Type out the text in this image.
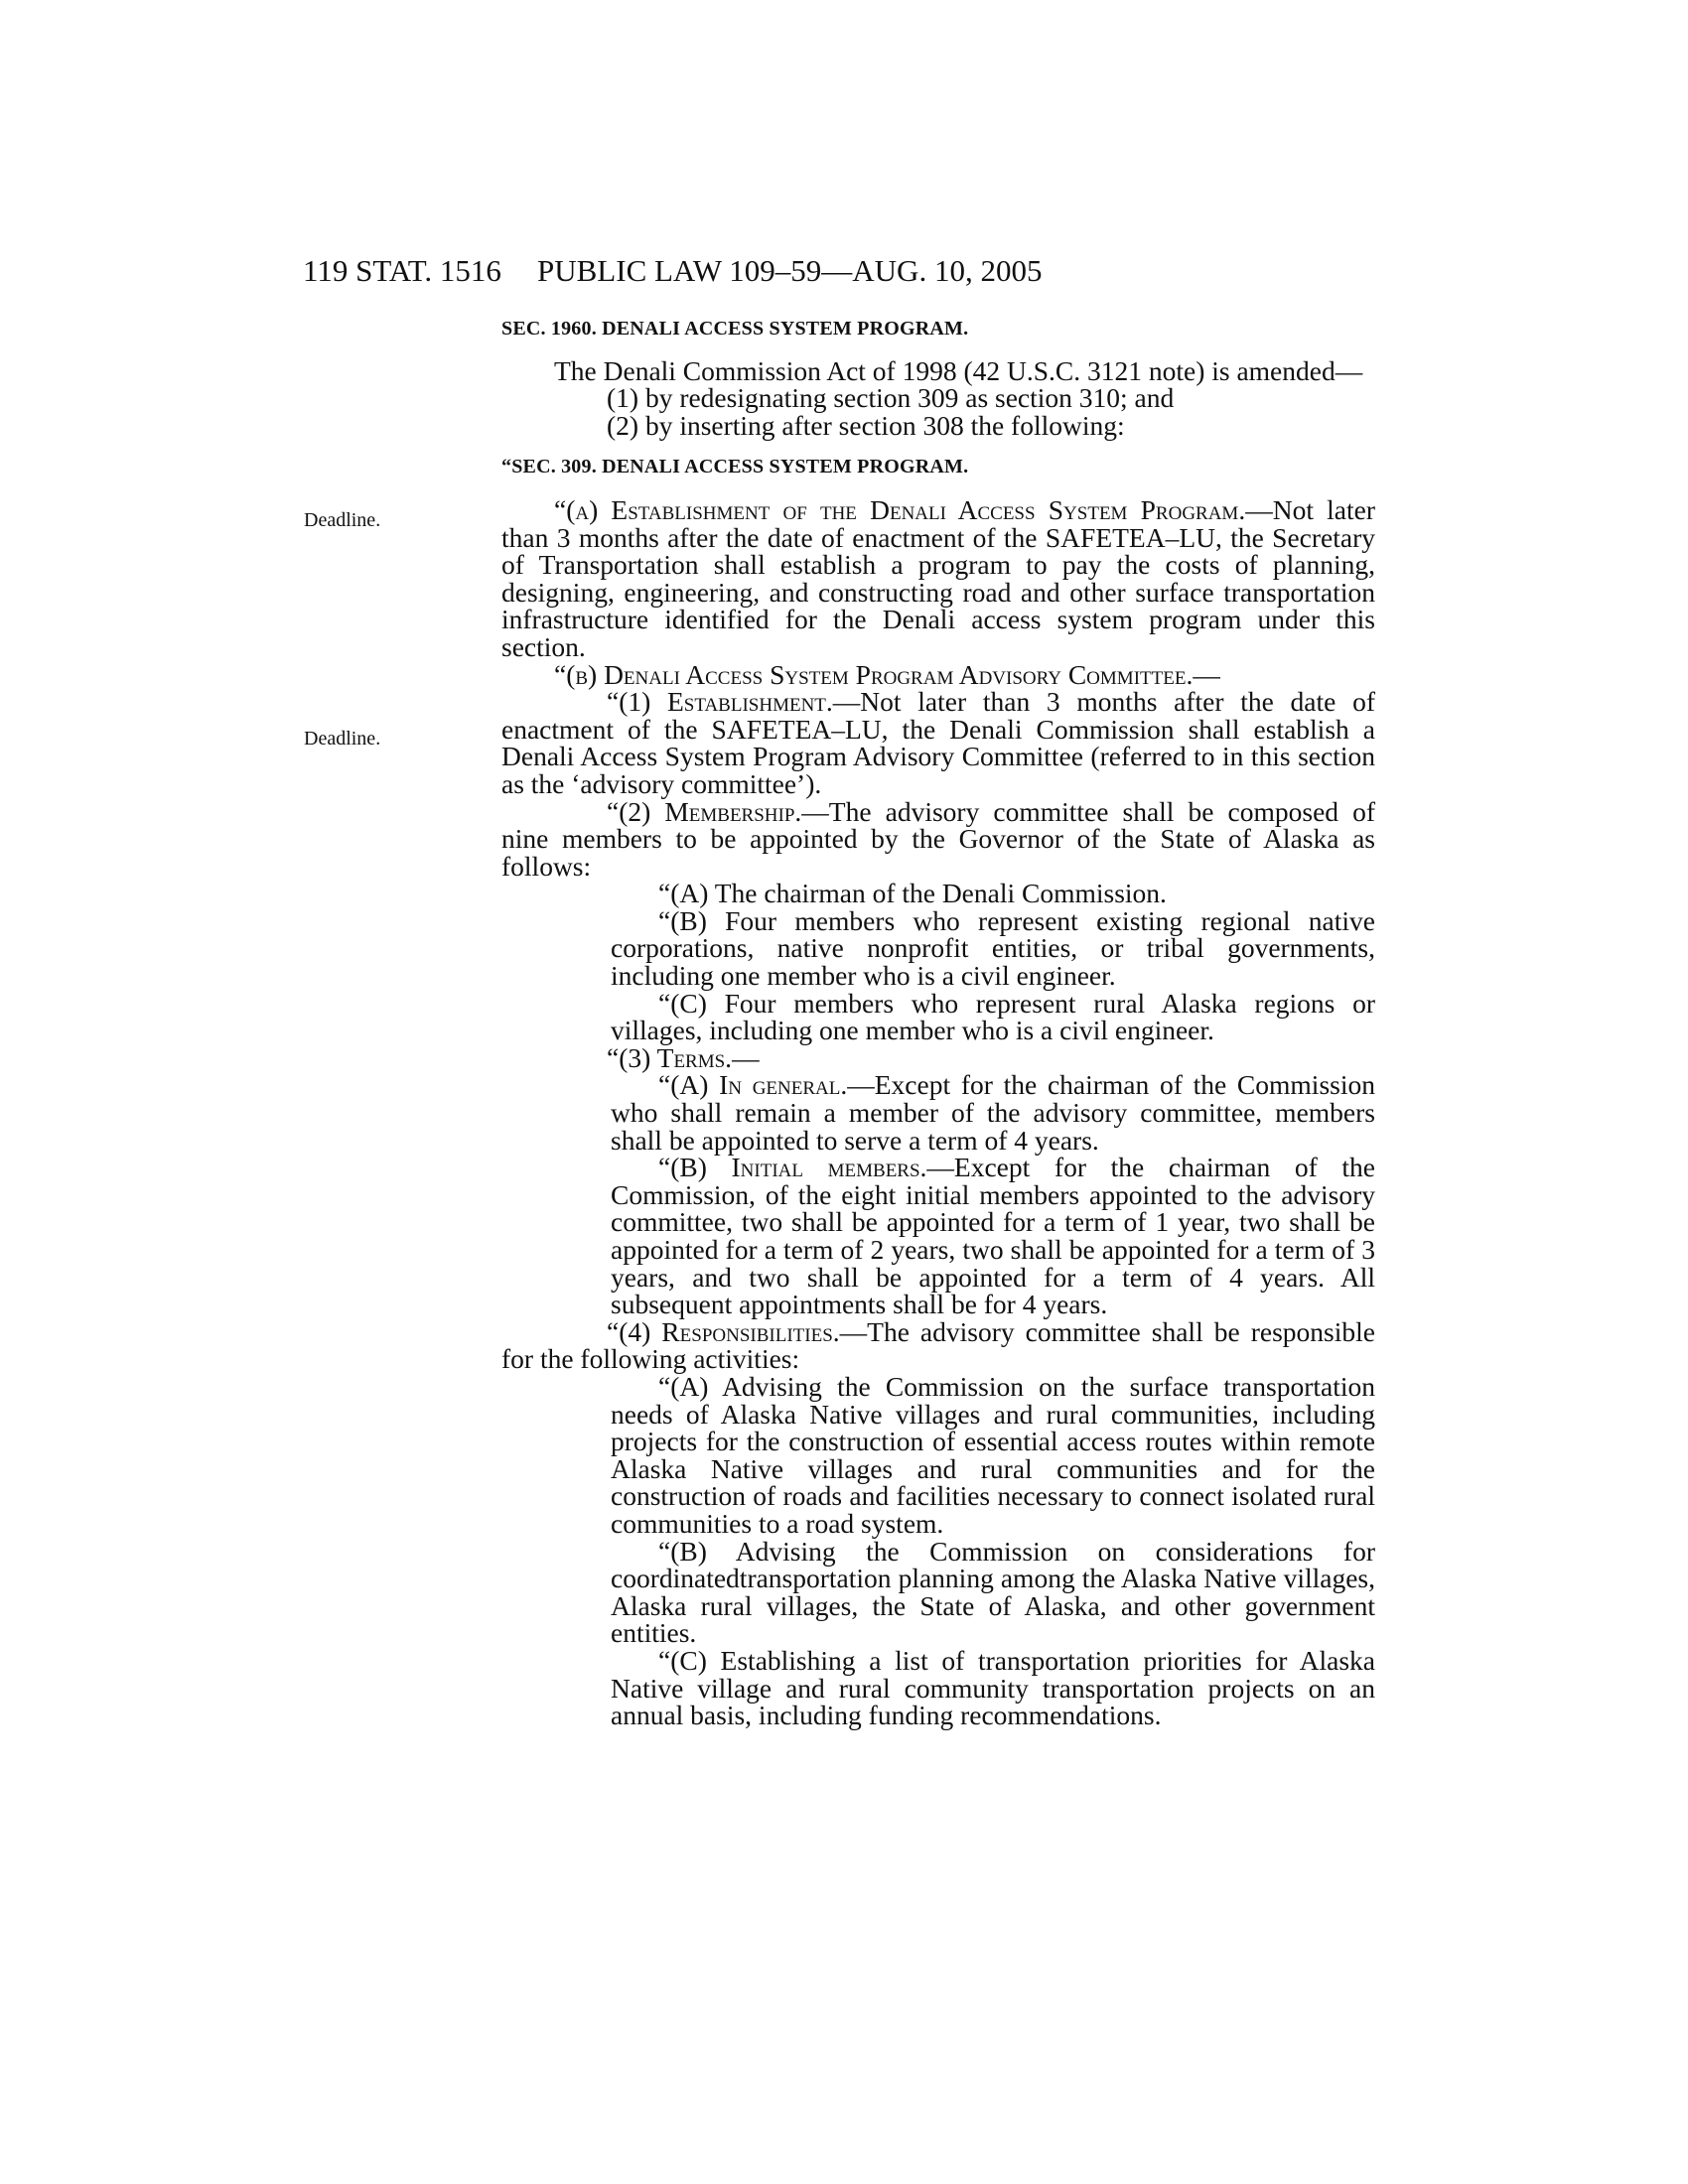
119 STAT. 1516 PUBLIC LAW 109–59—AUG. 10, 2005
Deadline.
Deadline.
SEC. 1960. DENALI ACCESS SYSTEM PROGRAM.

The Denali Commission Act of 1998 (42 U.S.C. 3121 note) is amended—

(1) by redesignating section 309 as section 310; and

(2) by inserting after section 308 the following:

“SEC. 309. DENALI ACCESS SYSTEM PROGRAM.

“(a) Establishment of the Denali Access System Program.—Not later than 3 months after the date of enactment of the SAFETEA–LU, the Secretary of Transportation shall establish a program to pay the costs of planning, designing, engineering, and constructing road and other surface transportation infrastructure identified for the Denali access system program under this section.

“(b) Denali Access System Program Advisory Committee.—

“(1) Establishment.—Not later than 3 months after the date of enactment of the SAFETEA–LU, the Denali Commission shall establish a Denali Access System Program Advisory Committee (referred to in this section as the ‘advisory committee’).

“(2) Membership.—The advisory committee shall be composed of nine members to be appointed by the Governor of the State of Alaska as follows:

“(A) The chairman of the Denali Commission.

“(B) Four members who represent existing regional native corporations, native nonprofit entities, or tribal governments, including one member who is a civil engineer.

“(C) Four members who represent rural Alaska regions or villages, including one member who is a civil engineer.

“(3) Terms.—

“(A) In general.—Except for the chairman of the Commission who shall remain a member of the advisory committee, members shall be appointed to serve a term of 4 years.

“(B) Initial members.—Except for the chairman of the Commission, of the eight initial members appointed to the advisory committee, two shall be appointed for a term of 1 year, two shall be appointed for a term of 2 years, two shall be appointed for a term of 3 years, and two shall be appointed for a term of 4 years. All subsequent appointments shall be for 4 years.

“(4) Responsibilities.—The advisory committee shall be responsible for the following activities:

“(A) Advising the Commission on the surface transportation needs of Alaska Native villages and rural communities, including projects for the construction of essential access routes within remote Alaska Native villages and rural communities and for the construction of roads and facilities necessary to connect isolated rural communities to a road system.

“(B) Advising the Commission on considerations for coordinatedtransportation planning among the Alaska Native villages, Alaska rural villages, the State of Alaska, and other government entities.

“(C) Establishing a list of transportation priorities for Alaska Native village and rural community transportation projects on an annual basis, including funding recommendations.
